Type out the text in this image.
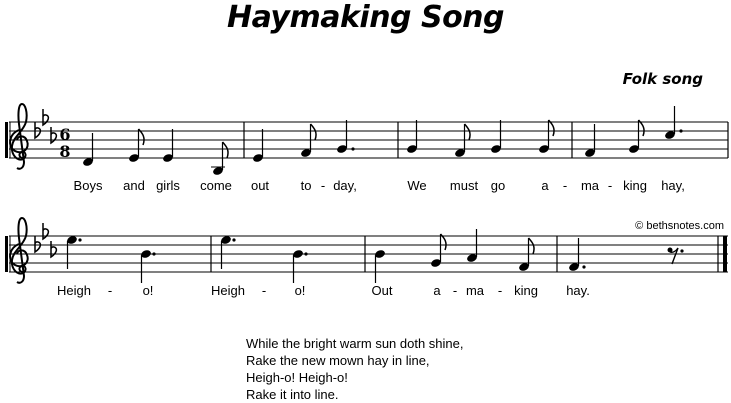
Haymaking Song
Folk song
© bethsnotes.com
6
8
Boys and girls come out to - day,	We must go	a - ma - king hay,
Heigh - o!	Heigh - o!	Out	a - ma - king hay.
While the bright warm sun doth shine,
Rake the new mown hay in line,
Heigh-o! Heigh-o!
Rake it into line.
